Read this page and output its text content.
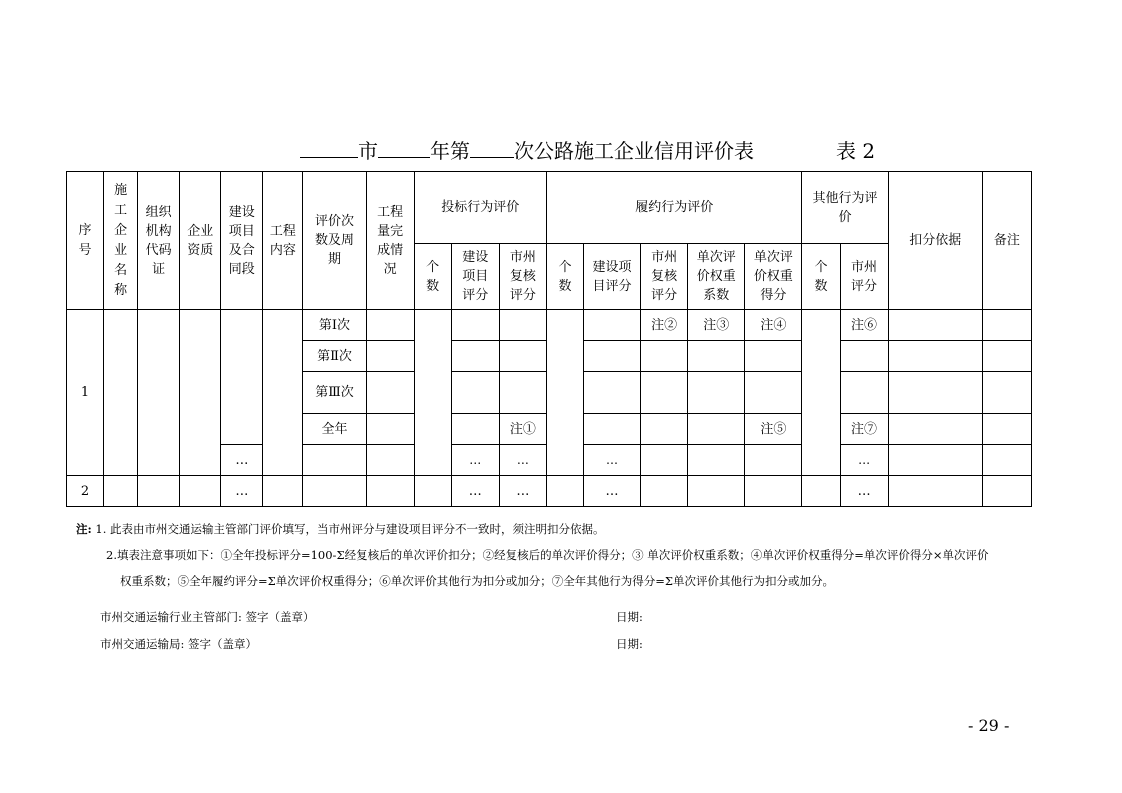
市	年第 次公路施工企业信用评价表	表 2
序号	施工企业名称	组织机构代码证	企业资质	建设项目及合同段	工程内容	评价次数及周期	工程量完成情况	投标行为评价			履约行为评价					其他行为评价		扣分依据	备注

								个数	建设项目评分	市州复核评分	个数	建设项目评分	市州复核评分	单次评价权重系数	单次评价权重得分	个数	市州评分		

1						第Ⅰ次							注②	注③	注④		注⑥		
						第Ⅱ次													
						第Ⅲ次													
						全年				注①					注⑤		注⑦		
				…					…	…		…					…		
2				…					…	…		…					…		
注: 1. 此表由市州交通运输主管部门评价填写，当市州评分与建设项目评分不一致时，须注明扣分依据。
2.填表注意事项如下：①全年投标评分=100-Σ经复核后的单次评价扣分；②经复核后的单次评价得分；③ 单次评价权重系数；④单次评价权重得分=单次评价得分×单次评价
权重系数；⑤全年履约评分=Σ单次评价权重得分；⑥单次评价其他行为扣分或加分；⑦全年其他行为得分=Σ单次评价其他行为扣分或加分。
市州交通运输行业主管部门: 签字（盖章）	日期:
市州交通运输局: 签字（盖章）	日期:
- 29 -
